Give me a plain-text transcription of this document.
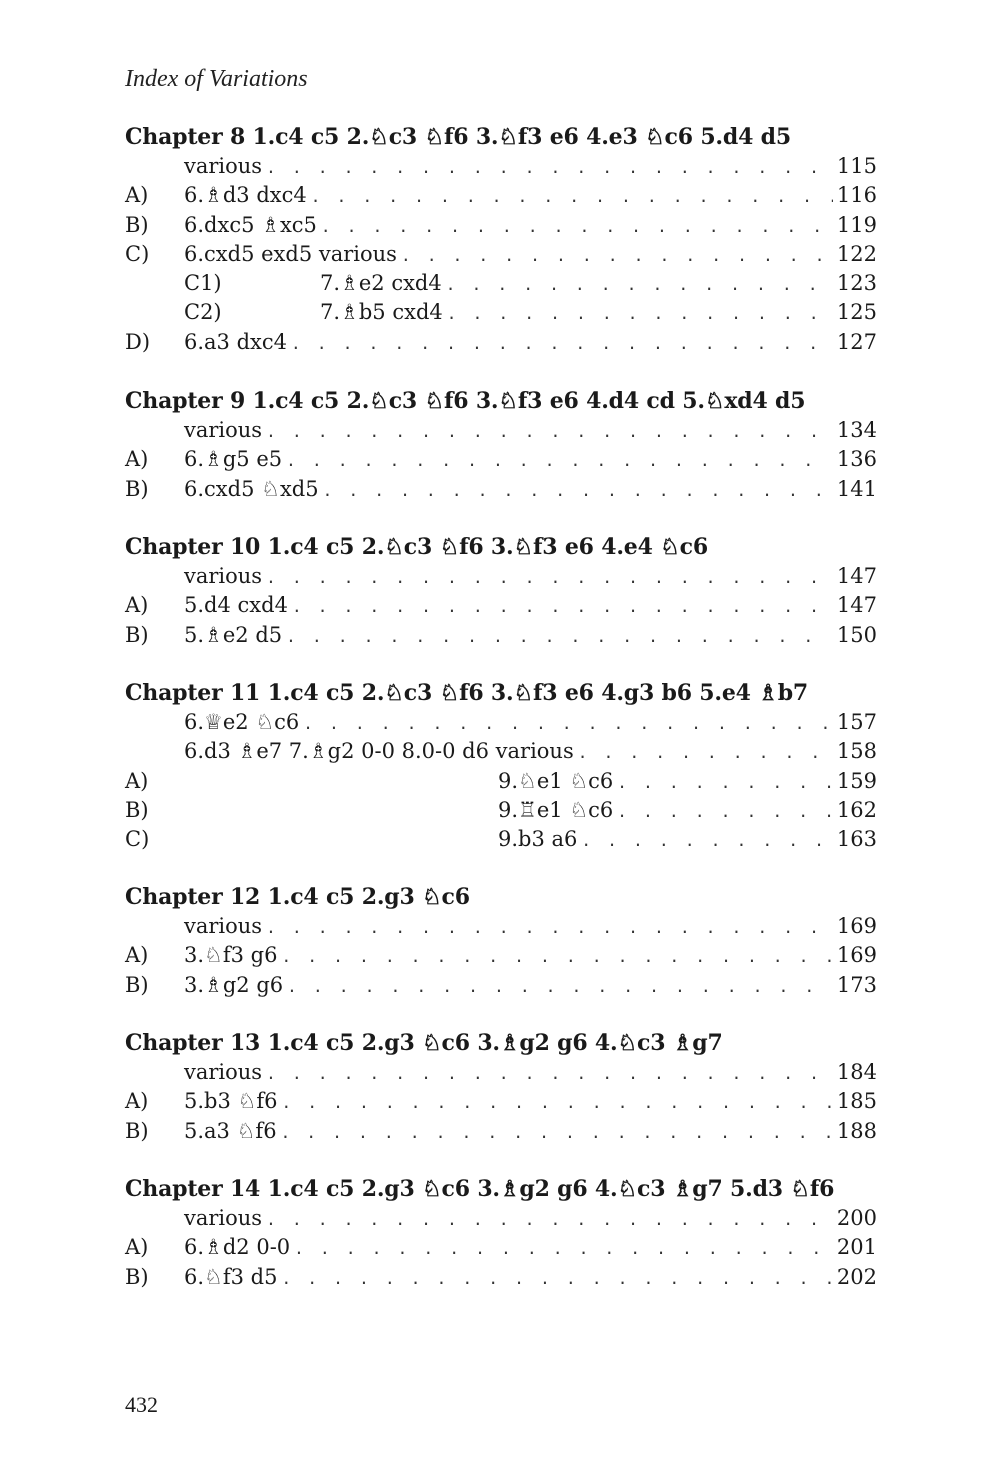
Index of Variations
Chapter 8 1.c4 c5 2.♘c3 ♘f6 3.♘f3 e6 4.e3 ♘c6 5.d4 d5
various . . .	115
A) 6.♗d3 dxc4 . . .	116
B) 6.dxc5 ♗xc5 . . .	119
C) 6.cxd5 exd5 various . . .	122
C1)	7.♗e2 cxd4 . . .	123
C2)	7.♗b5 cxd4 . . .	125
D) 6.a3 dxc4 . . .	127
Chapter 9 1.c4 c5 2.♘c3 ♘f6 3.♘f3 e6 4.d4 cd 5.♘xd4 d5
various . . .	134
A) 6.♗g5 e5 . . .	136
B) 6.cxd5 ♘xd5 . . .	141
Chapter 10 1.c4 c5 2.♘c3 ♘f6 3.♘f3 e6 4.e4 ♘c6
various . . .	147
A) 5.d4 cxd4 . . .	147
B) 5.♗e2 d5 . . .	150
Chapter 11 1.c4 c5 2.♘c3 ♘f6 3.♘f3 e6 4.g3 b6 5.e4 ♗b7
6.♕e2 ♘c6 . . .	157
6.d3 ♗e7 7.♗g2 0-0 8.0-0 d6 various . . .	158
A)	9.♘e1 ♘c6 . . .	159
B)	9.♖e1 ♘c6 . . .	162
C)	9.b3 a6 . . .	163
Chapter 12 1.c4 c5 2.g3 ♘c6
various . . .	169
A) 3.♘f3 g6 . . .	169
B) 3.♗g2 g6 . . .	173
Chapter 13 1.c4 c5 2.g3 ♘c6 3.♗g2 g6 4.♘c3 ♗g7
various . . .	184
A) 5.b3 ♘f6 . . .	185
B) 5.a3 ♘f6 . . .	188
Chapter 14 1.c4 c5 2.g3 ♘c6 3.♗g2 g6 4.♘c3 ♗g7 5.d3 ♘f6
various . . .	200
A) 6.♗d2 0-0 . . .	201
B) 6.♘f3 d5 . . .	202
432
